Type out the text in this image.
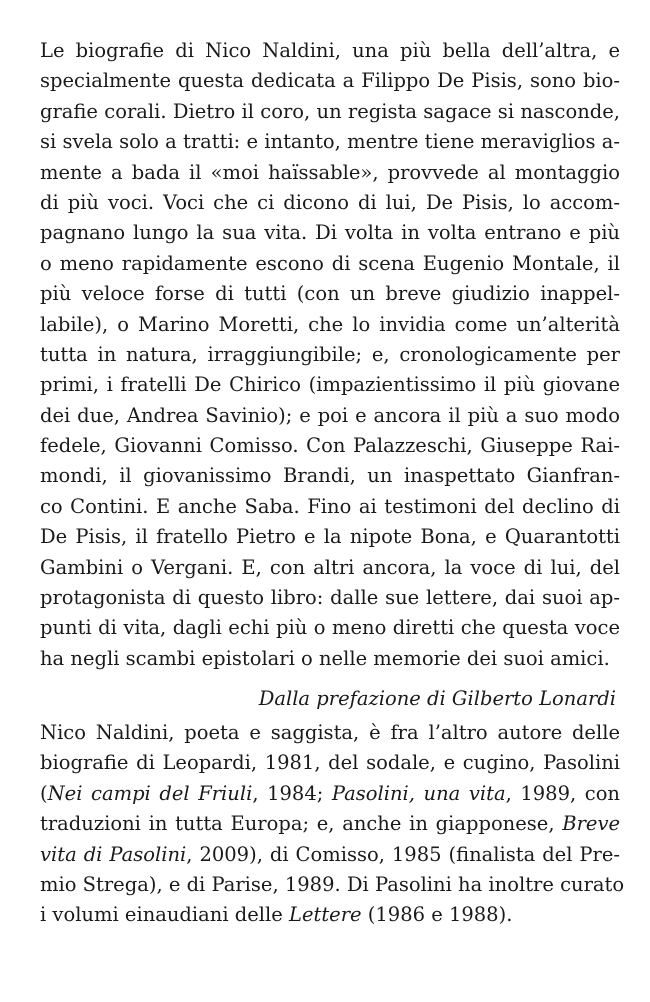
Le biografie di Nico Naldini, una più bella dell’altra, e
specialmente questa dedicata a Filippo De Pisis, sono bio-
grafie corali. Dietro il coro, un regista sagace si nasconde,
si svela solo a tratti: e intanto, mentre tiene meraviglios a-
mente a bada il «moi haïssable», provvede al montaggio
di più voci. Voci che ci dicono di lui, De Pisis, lo accom-
pagnano lungo la sua vita. Di volta in volta entrano e più
o meno rapidamente escono di scena Eugenio Montale, il
più veloce forse di tutti (con un breve giudizio inappel-
labile), o Marino Moretti, che lo invidia come un’alterità
tutta in natura, irraggiungibile; e, cronologicamente per
primi, i fratelli De Chirico (impazientissimo il più giovane
dei due, Andrea Savinio); e poi e ancora il più a suo modo
fedele, Giovanni Comisso. Con Palazzeschi, Giuseppe Rai-
mondi, il giovanissimo Brandi, un inaspettato Gianfran-
co Contini. E anche Saba. Fino ai testimoni del declino di
De Pisis, il fratello Pietro e la nipote Bona, e Quarantotti
Gambini o Vergani. E, con altri ancora, la voce di lui, del
protagonista di questo libro: dalle sue lettere, dai suoi ap-
punti di vita, dagli echi più o meno diretti che questa voce
ha negli scambi epistolari o nelle memorie dei suoi amici.
Dalla prefazione di Gilberto Lonardi
Nico Naldini, poeta e saggista, è fra l’altro autore delle
biografie di Leopardi, 1981, del sodale, e cugino, Pasolini
(Nei campi del Friuli, 1984; Pasolini, una vita, 1989, con
traduzioni in tutta Europa; e, anche in giapponese, Breve
vita di Pasolini, 2009), di Comisso, 1985 (finalista del Pre-
mio Strega), e di Parise, 1989. Di Pasolini ha inoltre curato
i volumi einaudiani delle Lettere (1986 e 1988).
